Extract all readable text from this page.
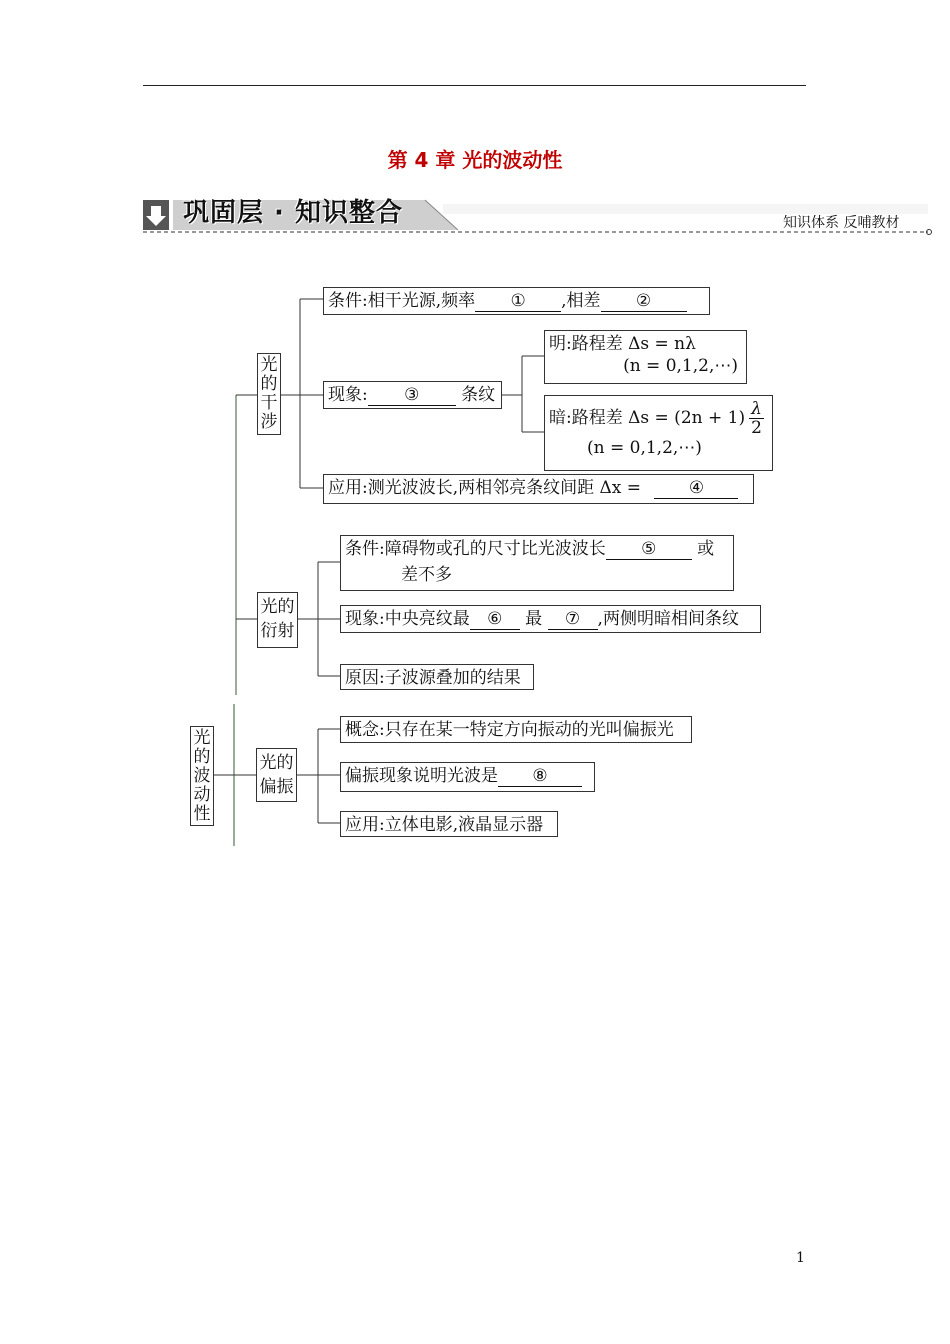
第 4 章 光的波动性
巩固层 · 知识整合	知识体系 反哺教材
光的波动性
光的干涉
条件:相干光源,频率 ① ,相差 ②
现象: ③ 条纹
明:路程差 Δs = nλ
(n = 0,1,2,⋯)
暗:路程差 $\Delta s = (2n + 1) \frac{\lambda}{2}$
(n = 0,1,2,⋯)
应用:测光波波长,两相邻亮条纹间距 Δx = ④
光的衍射
条件:障碍物或孔的尺寸比光波波长 ⑤ 或
差不多
现象:中央亮纹最 ⑥ 最 ⑦ ,两侧明暗相间条纹
原因:子波源叠加的结果
光的偏振
概念:只存在某一特定方向振动的光叫偏振光
偏振现象说明光波是 ⑧
应用:立体电影,液晶显示器
1
